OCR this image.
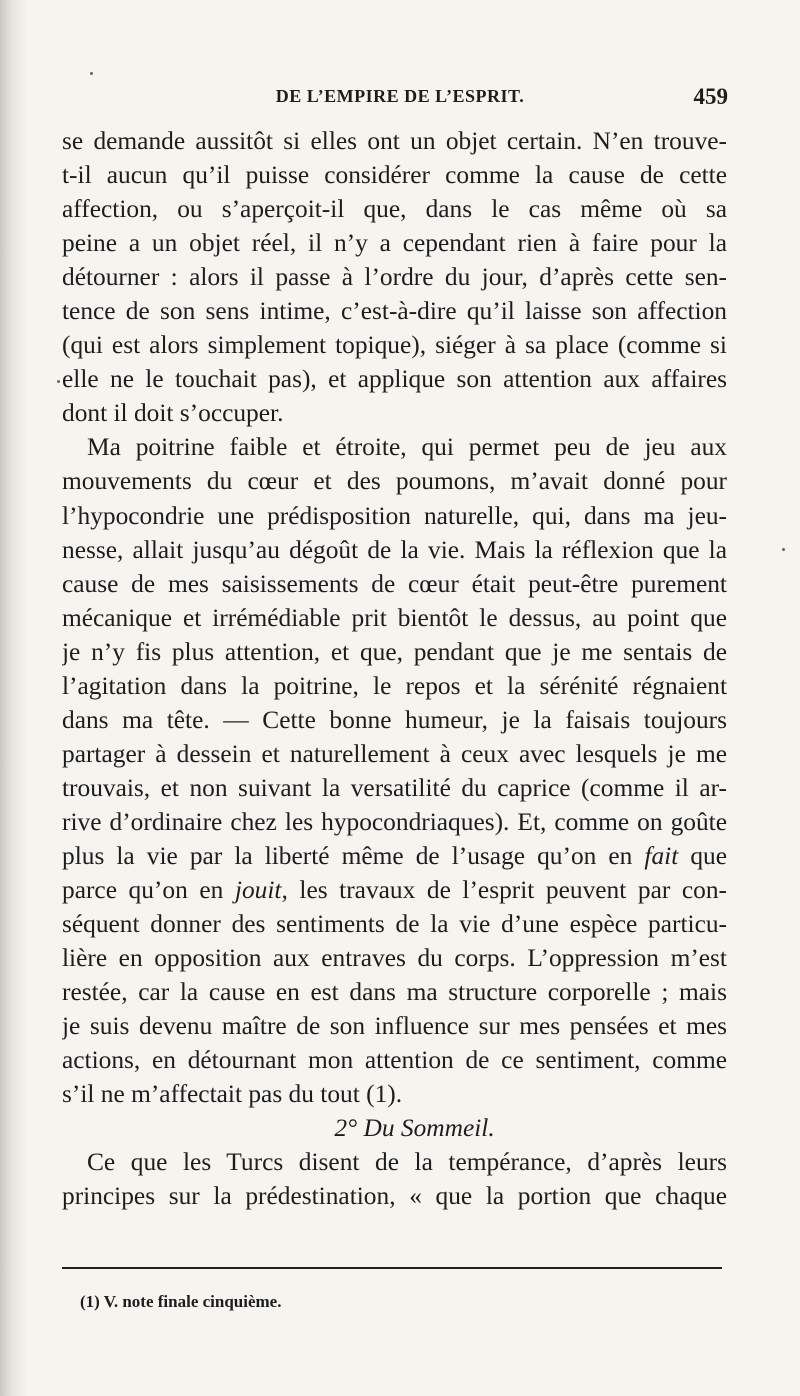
DE L’EMPIRE DE L’ESPRIT.	459
se demande aussitôt si elles ont un objet certain. N’en trouve-
t-il aucun qu’il puisse considérer comme la cause de cette
affection, ou s’aperçoit-il que, dans le cas même où sa
peine a un objet réel, il n’y a cependant rien à faire pour la
détourner : alors il passe à l’ordre du jour, d’après cette sen-
tence de son sens intime, c’est-à-dire qu’il laisse son affection
(qui est alors simplement topique), siéger à sa place (comme si
elle ne le touchait pas), et applique son attention aux affaires
dont il doit s’occuper.
Ma poitrine faible et étroite, qui permet peu de jeu aux
mouvements du cœur et des poumons, m’avait donné pour
l’hypocondrie une prédisposition naturelle, qui, dans ma jeu-
nesse, allait jusqu’au dégoût de la vie. Mais la réflexion que la
cause de mes saisissements de cœur était peut-être purement
mécanique et irrémédiable prit bientôt le dessus, au point que
je n’y fis plus attention, et que, pendant que je me sentais de
l’agitation dans la poitrine, le repos et la sérénité régnaient
dans ma tête. — Cette bonne humeur, je la faisais toujours
partager à dessein et naturellement à ceux avec lesquels je me
trouvais, et non suivant la versatilité du caprice (comme il ar-
rive d’ordinaire chez les hypocondriaques). Et, comme on goûte
plus la vie par la liberté même de l’usage qu’on en fait que
parce qu’on en jouit, les travaux de l’esprit peuvent par con-
séquent donner des sentiments de la vie d’une espèce particu-
lière en opposition aux entraves du corps. L’oppression m’est
restée, car la cause en est dans ma structure corporelle ; mais
je suis devenu maître de son influence sur mes pensées et mes
actions, en détournant mon attention de ce sentiment, comme
s’il ne m’affectait pas du tout (1).
2° Du Sommeil.
Ce que les Turcs disent de la tempérance, d’après leurs
principes sur la prédestination, « que la portion que chaque
(1) V. note finale cinquième.
